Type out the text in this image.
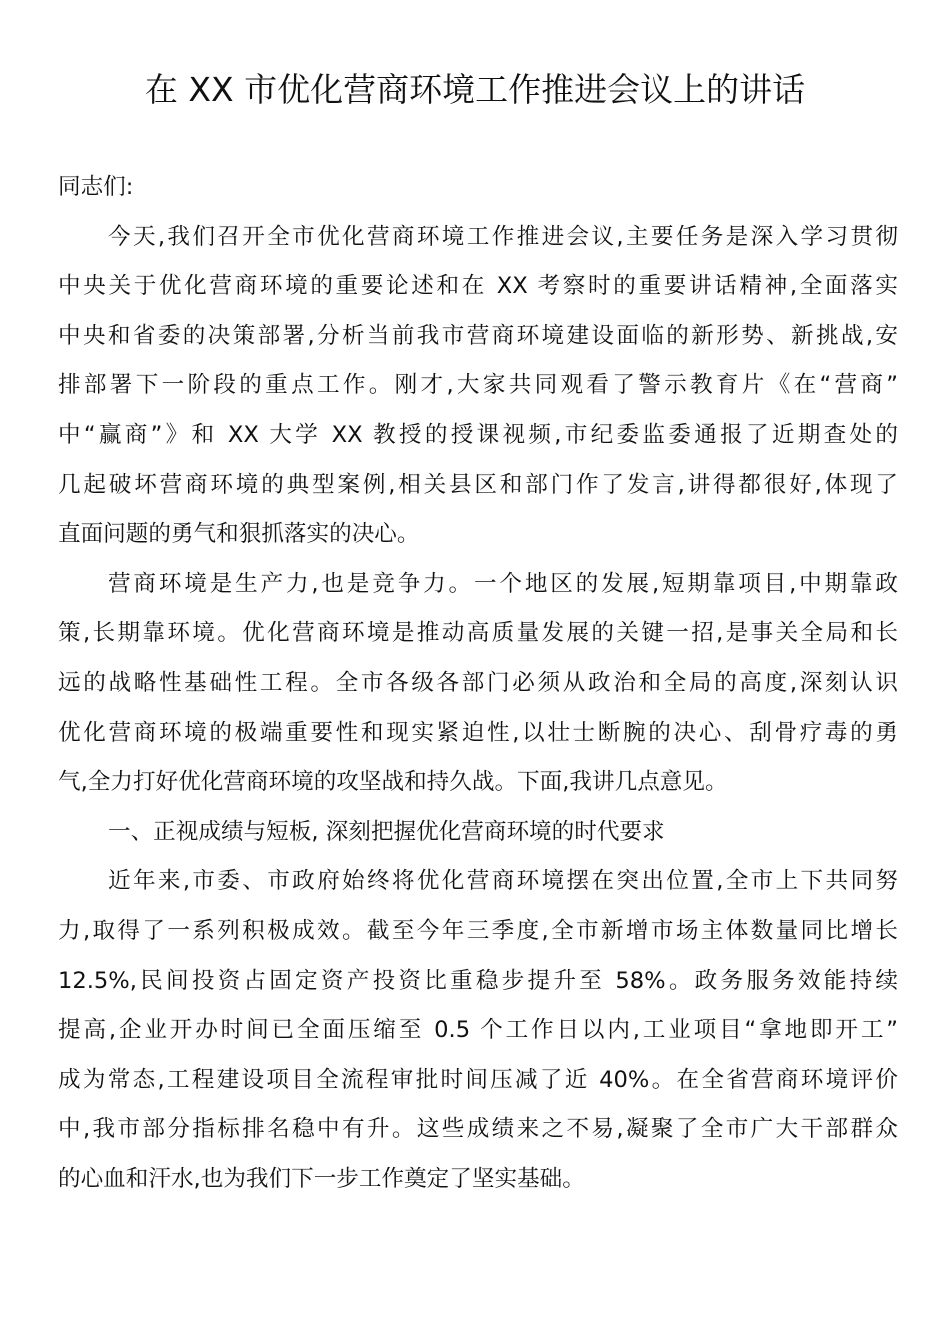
在 XX 市优化营商环境工作推进会议上的讲话
同志们:
今天,我们召开全市优化营商环境工作推进会议,主要任务是深入学习贯彻
中央关于优化营商环境的重要论述和在 XX 考察时的重要讲话精神,全面落实
中央和省委的决策部署,分析当前我市营商环境建设面临的新形势、新挑战,安
排部署下一阶段的重点工作。刚才,大家共同观看了警示教育片《在“营商”
中“赢商”》和 XX 大学 XX 教授的授课视频,市纪委监委通报了近期查处的
几起破坏营商环境的典型案例,相关县区和部门作了发言,讲得都很好,体现了
直面问题的勇气和狠抓落实的决心。
营商环境是生产力,也是竞争力。一个地区的发展,短期靠项目,中期靠政
策,长期靠环境。优化营商环境是推动高质量发展的关键一招,是事关全局和长
远的战略性基础性工程。全市各级各部门必须从政治和全局的高度,深刻认识
优化营商环境的极端重要性和现实紧迫性,以壮士断腕的决心、刮骨疗毒的勇
气,全力打好优化营商环境的攻坚战和持久战。下面,我讲几点意见。
一、正视成绩与短板, 深刻把握优化营商环境的时代要求
近年来,市委、市政府始终将优化营商环境摆在突出位置,全市上下共同努
力,取得了一系列积极成效。截至今年三季度,全市新增市场主体数量同比增长
12.5%,民间投资占固定资产投资比重稳步提升至 58%。政务服务效能持续
提高,企业开办时间已全面压缩至 0.5 个工作日以内,工业项目“拿地即开工”
成为常态,工程建设项目全流程审批时间压减了近 40%。在全省营商环境评价
中,我市部分指标排名稳中有升。这些成绩来之不易,凝聚了全市广大干部群众
的心血和汗水,也为我们下一步工作奠定了坚实基础。
